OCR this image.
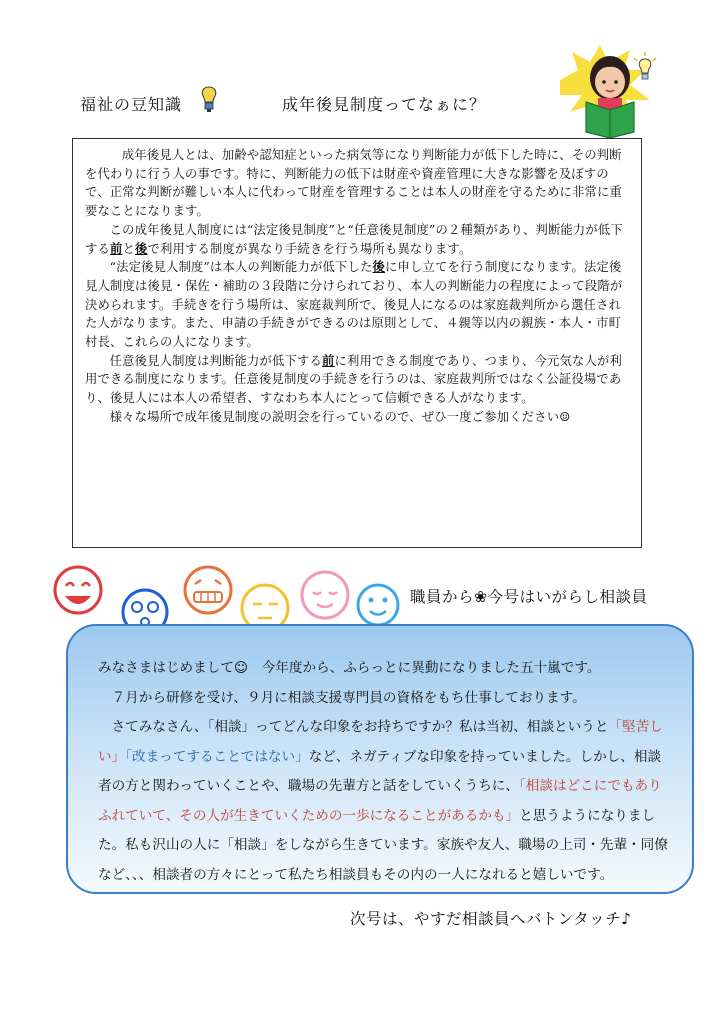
福祉の豆知識	成年後見制度ってなぁに？

成年後見人とは、加齢や認知症といった病気等になり判断能力が低下した時に、その判断を代わりに行う人の事です。特に、判断能力の低下は財産や資産管理に大きな影響を及ぼすので、正常な判断が難しい本人に代わって財産を管理することは本人の財産を守るために非常に重要なことになります。

この成年後見人制度には“法定後見制度”と“任意後見制度”の２種類があり、判断能力が低下する前と後で利用する制度が異なり手続きを行う場所も異なります。

“法定後見人制度”は本人の判断能力が低下した後に申し立てを行う制度になります。法定後見人制度は後見・保佐・補助の３段階に分けられており、本人の判断能力の程度によって段階が決められます。手続きを行う場所は、家庭裁判所で、後見人になるのは家庭裁判所から選任された人がなります。また、申請の手続きができるのは原則として、４親等以内の親族・本人・市町村長、これらの人になります。

任意後見人制度は判断能力が低下する前に利用できる制度であり、つまり、今元気な人が利用できる制度になります。任意後見制度の手続きを行うのは、家庭裁判所ではなく公証役場であり、後見人には本人の希望者、すなわち本人にとって信頼できる人がなります。

様々な場所で成年後見制度の説明会を行っているので、ぜひ一度ご参加ください☺

職員から❀今号はいがらし相談員

みなさまはじめまして☺　今年度から、ふらっとに異動になりました五十嵐です。

７月から研修を受け、９月に相談支援専門員の資格をもち仕事しております。

さてみなさん、「相談」ってどんな印象をお持ちですか？私は当初、相談というと「堅苦しい」「改まってすることではない」など、ネガティブな印象を持っていました。しかし、相談者の方と関わっていくことや、職場の先輩方と話をしていくうちに、「相談はどこにでもありふれていて、その人が生きていくための一歩になることがあるかも」と思うようになりました。私も沢山の人に「相談」をしながら生きています。家族や友人、職場の上司・先輩・同僚など、、、相談者の方々にとって私たち相談員もその内の一人になれると嬉しいです。

次号は、やすだ相談員へバトンタッチ♪
